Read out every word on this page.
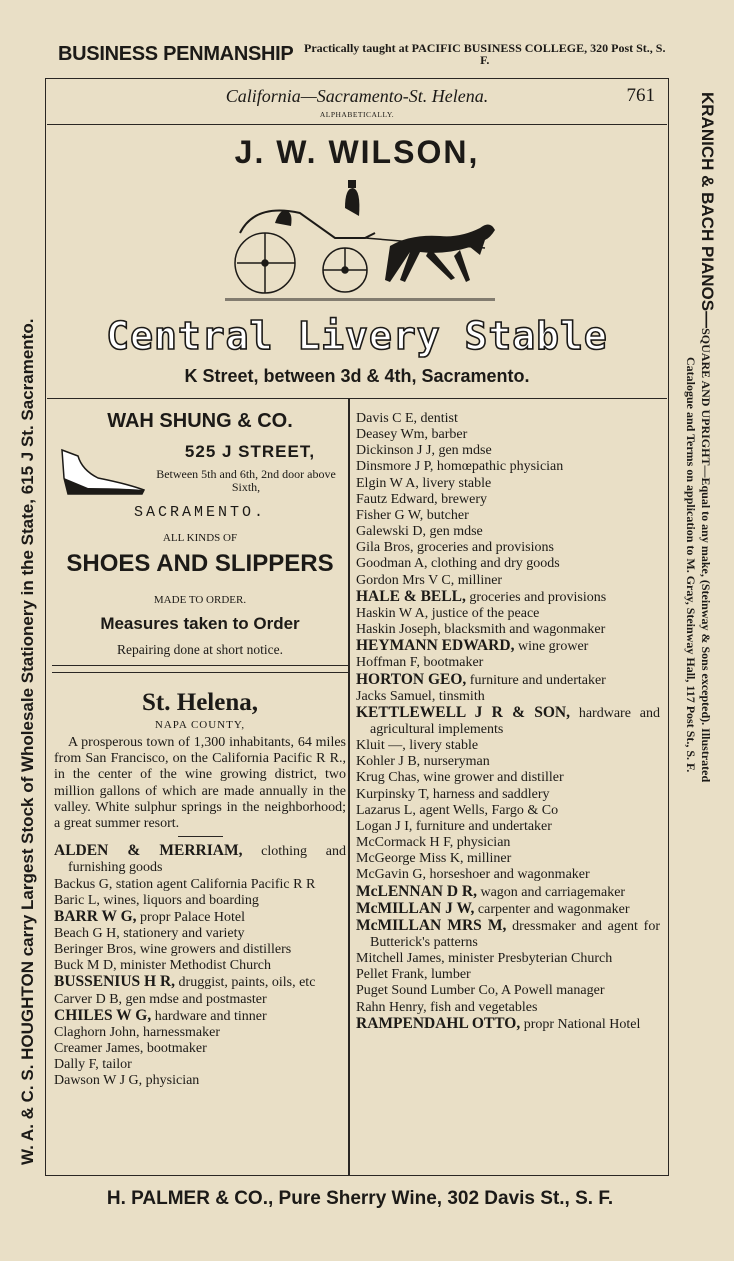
BUSINESS PENMANSHIP Practically taught at PACIFIC BUSINESS COLLEGE, 320 Post St., S. F.
W. A. & C. S. HOUGHTON carry Largest Stock of Wholesale Stationery in the State, 615 J St. Sacramento.
KRANICH & BACH PIANOS—SQUARE AND UPRIGHT—Equal to any make, (Steinway & Sons excepted). Illustrated
Catalogue and Terms on application to M. Gray, Steinway Hall, 117 Post St., S. F.
California—Sacramento-St. Helena.	761
ALPHABETICALLY.
J. W. WILSON,
Central Livery Stable
K Street, between 3d & 4th, Sacramento.
WAH SHUNG & CO.
525 J STREET,
Between 5th and 6th, 2nd door above Sixth,
SACRAMENTO.
ALL KINDS OF
SHOES AND SLIPPERS
MADE TO ORDER.
Measures taken to Order
Repairing done at short notice.
St. Helena,
NAPA COUNTY,
A prosperous town of 1,300 inhabitants, 64 miles from San Francisco, on the California Pacific R R., in the center of the wine growing district, two million gallons of which are made annually in the valley. White sulphur springs in the neighborhood; a great summer resort.
ALDEN & MERRIAM, clothing and furnishing goods
Backus G, station agent California Pacific R R
Baric L, wines, liquors and boarding
BARR W G, propr Palace Hotel
Beach G H, stationery and variety
Beringer Bros, wine growers and distillers
Buck M D, minister Methodist Church
BUSSENIUS H R, druggist, paints, oils, etc
Carver D B, gen mdse and postmaster
CHILES W G, hardware and tinner
Claghorn John, harnessmaker
Creamer James, bootmaker
Dally F, tailor
Dawson W J G, physician
Davis C E, dentist
Deasey Wm, barber
Dickinson J J, gen mdse
Dinsmore J P, homœpathic physician
Elgin W A, livery stable
Fautz Edward, brewery
Fisher G W, butcher
Galewski D, gen mdse
Gila Bros, groceries and provisions
Goodman A, clothing and dry goods
Gordon Mrs V C, milliner
HALE & BELL, groceries and provisions
Haskin W A, justice of the peace
Haskin Joseph, blacksmith and wagonmaker
HEYMANN EDWARD, wine grower
Hoffman F, bootmaker
HORTON GEO, furniture and undertaker
Jacks Samuel, tinsmith
KETTLEWELL J R & SON, hardware and agricultural implements
Kluit —, livery stable
Kohler J B, nurseryman
Krug Chas, wine grower and distiller
Kurpinsky T, harness and saddlery
Lazarus L, agent Wells, Fargo & Co
Logan J I, furniture and undertaker
McCormack H F, physician
McGeorge Miss K, milliner
McGavin G, horseshoer and wagonmaker
McLENNAN D R, wagon and carriagemaker
McMILLAN J W, carpenter and wagonmaker
McMILLAN MRS M, dressmaker and agent for Butterick's patterns
Mitchell James, minister Presbyterian Church
Pellet Frank, lumber
Puget Sound Lumber Co, A Powell manager
Rahn Henry, fish and vegetables
RAMPENDAHL OTTO, propr National Hotel
H. PALMER & CO., Pure Sherry Wine, 302 Davis St., S. F.
